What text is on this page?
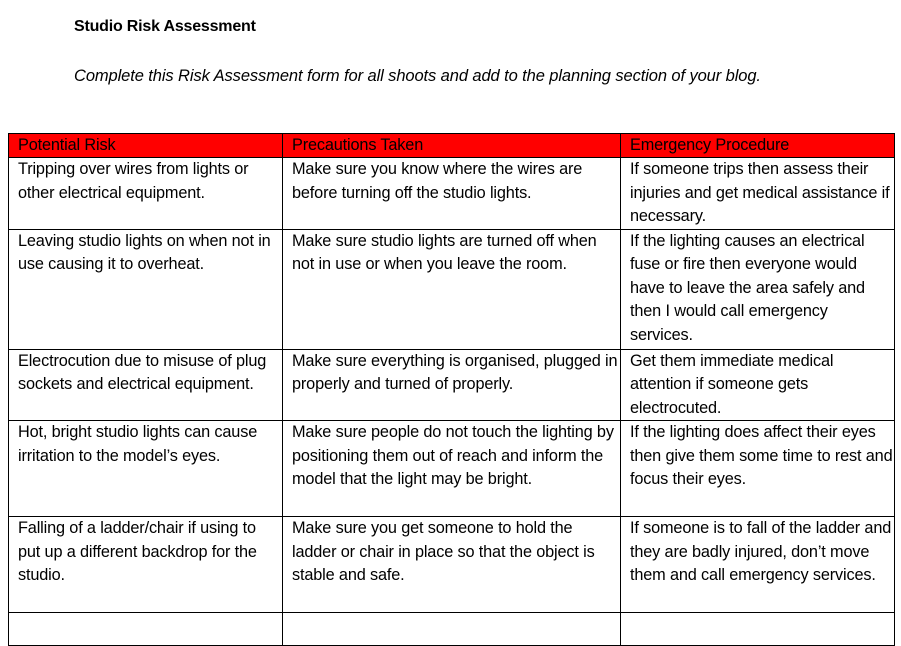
Studio Risk Assessment
Complete this Risk Assessment form for all shoots and add to the planning section of your blog.
Potential Risk	Precautions Taken	Emergency Procedure
Tripping over wires from lights or other electrical equipment.	Make sure you know where the wires are before turning off the studio lights.	If someone trips then assess their injuries and get medical assistance if necessary.
Leaving studio lights on when not in use causing it to overheat.	Make sure studio lights are turned off when not in use or when you leave the room.	If the lighting causes an electrical fuse or fire then everyone would have to leave the area safely and then I would call emergency services.
Electrocution due to misuse of plug sockets and electrical equipment.	Make sure everything is organised, plugged in properly and turned of properly.	Get them immediate medical attention if someone gets electrocuted.
Hot, bright studio lights can cause irritation to the model’s eyes.	Make sure people do not touch the lighting by positioning them out of reach and inform the model that the light may be bright.	If the lighting does affect their eyes then give them some time to rest and focus their eyes.
Falling of a ladder/chair if using to put up a different backdrop for the studio.	Make sure you get someone to hold the ladder or chair in place so that the object is stable and safe.	If someone is to fall of the ladder and they are badly injured, don’t move them and call emergency services.
